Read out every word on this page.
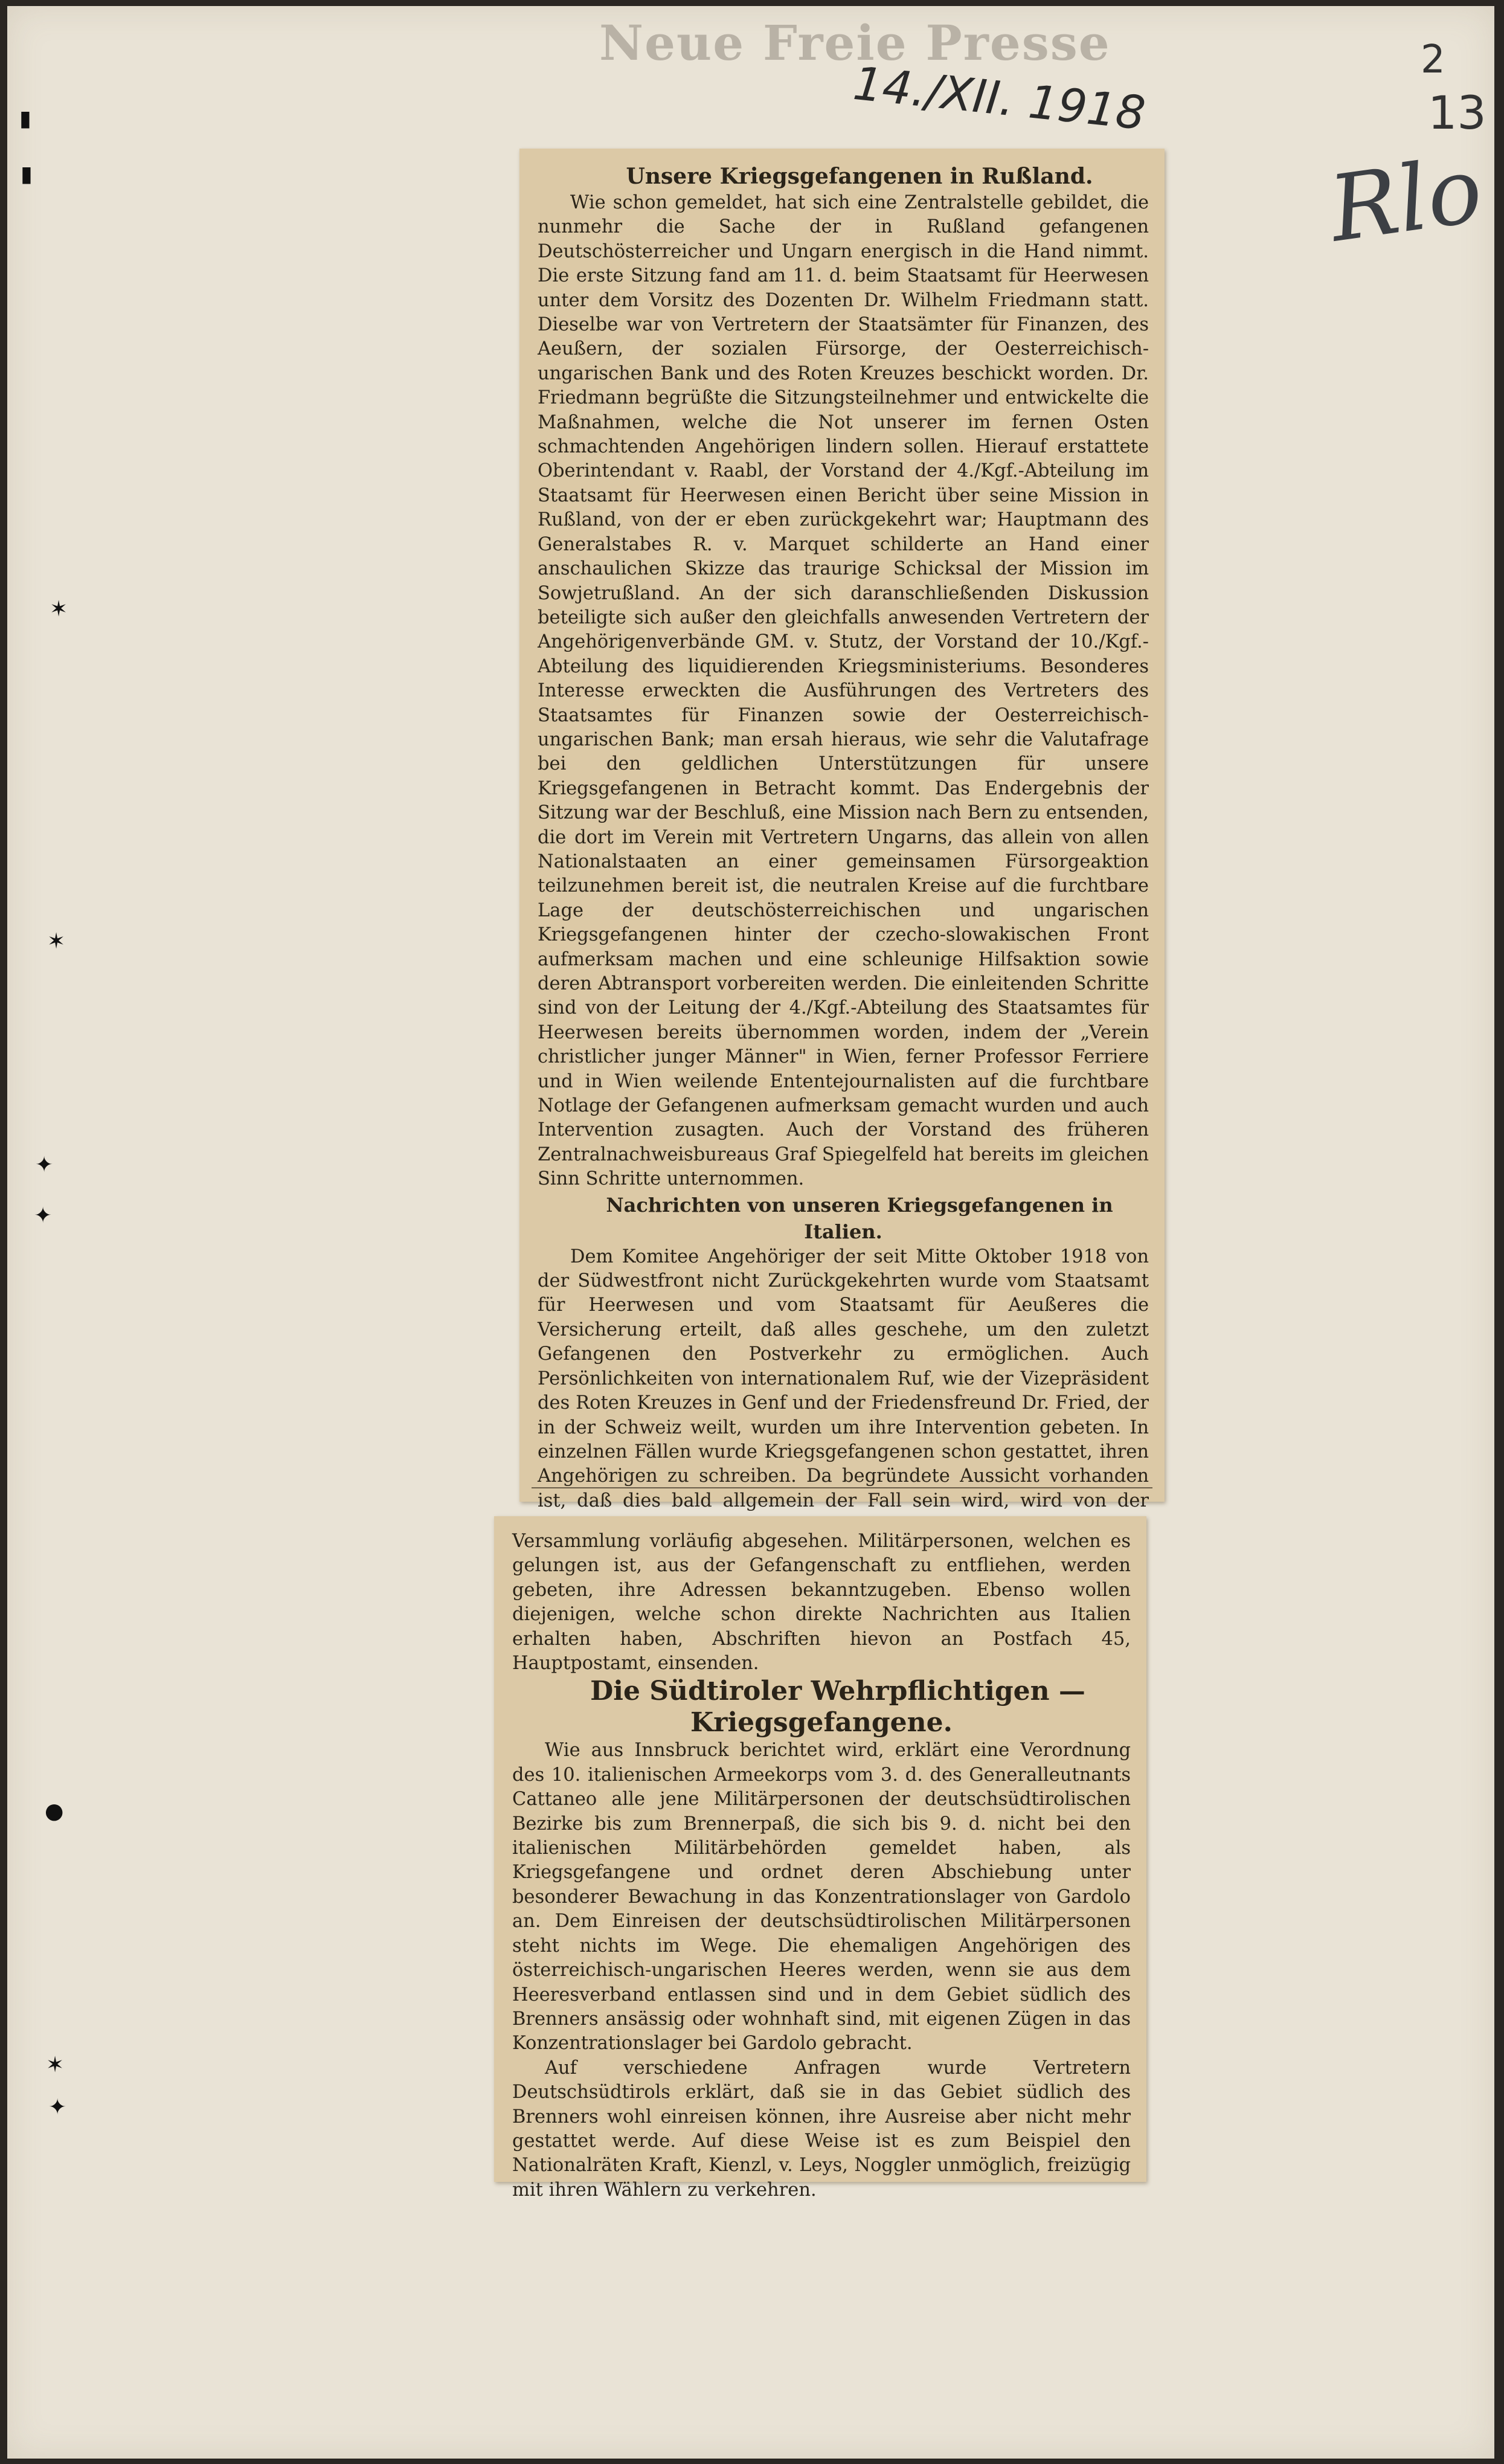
Neue Freie Presse
14./XII. 1918	2
13
Rlo
▮
▮
✶
✶
✦
✦
●
✶
✦

Unsere Kriegsgefangenen in Rußland.

Wie schon gemeldet, hat sich eine Zentralstelle gebildet, die nunmehr die Sache der in Rußland gefangenen Deutschösterreicher und Ungarn energisch in die Hand nimmt. Die erste Sitzung fand am 11. d. beim Staatsamt für Heerwesen unter dem Vorsitz des Dozenten Dr. Wilhelm Friedmann statt. Dieselbe war von Vertretern der Staatsämter für Finanzen, des Aeußern, der sozialen Fürsorge, der Oesterreichisch-ungarischen Bank und des Roten Kreuzes beschickt worden. Dr. Friedmann begrüßte die Sitzungsteilnehmer und entwickelte die Maßnahmen, welche die Not unserer im fernen Osten schmachtenden Angehörigen lindern sollen. Hierauf erstattete Oberintendant v. Raabl, der Vorstand der 4./Kgf.-Abteilung im Staatsamt für Heerwesen einen Bericht über seine Mission in Rußland, von der er eben zurückgekehrt war; Hauptmann des Generalstabes R. v. Marquet schilderte an Hand einer anschaulichen Skizze das traurige Schicksal der Mission im Sowjetrußland. An der sich daranschließenden Diskussion beteiligte sich außer den gleichfalls anwesenden Vertretern der Angehörigenverbände GM. v. Stutz, der Vorstand der 10./Kgf.-Abteilung des liquidierenden Kriegsministeriums. Besonderes Interesse erweckten die Ausführungen des Vertreters des Staatsamtes für Finanzen sowie der Oesterreichisch-ungarischen Bank; man ersah hieraus, wie sehr die Valutafrage bei den geldlichen Unterstützungen für unsere Kriegsgefangenen in Betracht kommt. Das Endergebnis der Sitzung war der Beschluß, eine Mission nach Bern zu entsenden, die dort im Verein mit Vertretern Ungarns, das allein von allen Nationalstaaten an einer gemeinsamen Fürsorgeaktion teilzunehmen bereit ist, die neutralen Kreise auf die furchtbare Lage der deutschösterreichischen und ungarischen Kriegsgefangenen hinter der czecho-slowakischen Front aufmerksam machen und eine schleunige Hilfsaktion sowie deren Abtransport vorbereiten werden. Die einleitenden Schritte sind von der Leitung der 4./Kgf.-Abteilung des Staatsamtes für Heerwesen bereits übernommen worden, indem der „Verein christlicher junger Männer" in Wien, ferner Professor Ferriere und in Wien weilende Ententejournalisten auf die furchtbare Notlage der Gefangenen aufmerksam gemacht wurden und auch Intervention zusagten. Auch der Vorstand des früheren Zentralnachweisbureaus Graf Spiegelfeld hat bereits im gleichen Sinn Schritte unternommen.

Nachrichten von unseren Kriegsgefangenen in Italien.

Dem Komitee Angehöriger der seit Mitte Oktober 1918 von der Südwestfront nicht Zurückgekehrten wurde vom Staatsamt für Heerwesen und vom Staatsamt für Aeußeres die Versicherung erteilt, daß alles geschehe, um den zuletzt Gefangenen den Postverkehr zu ermöglichen. Auch Persönlichkeiten von internationalem Ruf, wie der Vizepräsident des Roten Kreuzes in Genf und der Friedensfreund Dr. Fried, der in der Schweiz weilt, wurden um ihre Intervention gebeten. In einzelnen Fällen wurde Kriegsgefangenen schon gestattet, ihren Angehörigen zu schreiben. Da begründete Aussicht vorhanden ist, daß dies bald allgemein der Fall sein wird, wird von der

Versammlung vorläufig abgesehen. Militärpersonen, welchen es gelungen ist, aus der Gefangenschaft zu entfliehen, werden gebeten, ihre Adressen bekanntzugeben. Ebenso wollen diejenigen, welche schon direkte Nachrichten aus Italien erhalten haben, Abschriften hievon an Postfach 45, Hauptpostamt, einsenden.

Die Südtiroler Wehrpflichtigen — Kriegsgefangene.

Wie aus Innsbruck berichtet wird, erklärt eine Verordnung des 10. italienischen Armeekorps vom 3. d. des Generalleutnants Cattaneo alle jene Militärpersonen der deutschsüdtirolischen Bezirke bis zum Brennerpaß, die sich bis 9. d. nicht bei den italienischen Militärbehörden gemeldet haben, als Kriegsgefangene und ordnet deren Abschiebung unter besonderer Bewachung in das Konzentrationslager von Gardolo an. Dem Einreisen der deutschsüdtirolischen Militärpersonen steht nichts im Wege. Die ehemaligen Angehörigen des österreichisch-ungarischen Heeres werden, wenn sie aus dem Heeresverband entlassen sind und in dem Gebiet südlich des Brenners ansässig oder wohnhaft sind, mit eigenen Zügen in das Konzentrationslager bei Gardolo gebracht.

Auf verschiedene Anfragen wurde Vertretern Deutschsüdtirols erklärt, daß sie in das Gebiet südlich des Brenners wohl einreisen können, ihre Ausreise aber nicht mehr gestattet werde. Auf diese Weise ist es zum Beispiel den Nationalräten Kraft, Kienzl, v. Leys, Noggler unmöglich, freizügig mit ihren Wählern zu verkehren.
